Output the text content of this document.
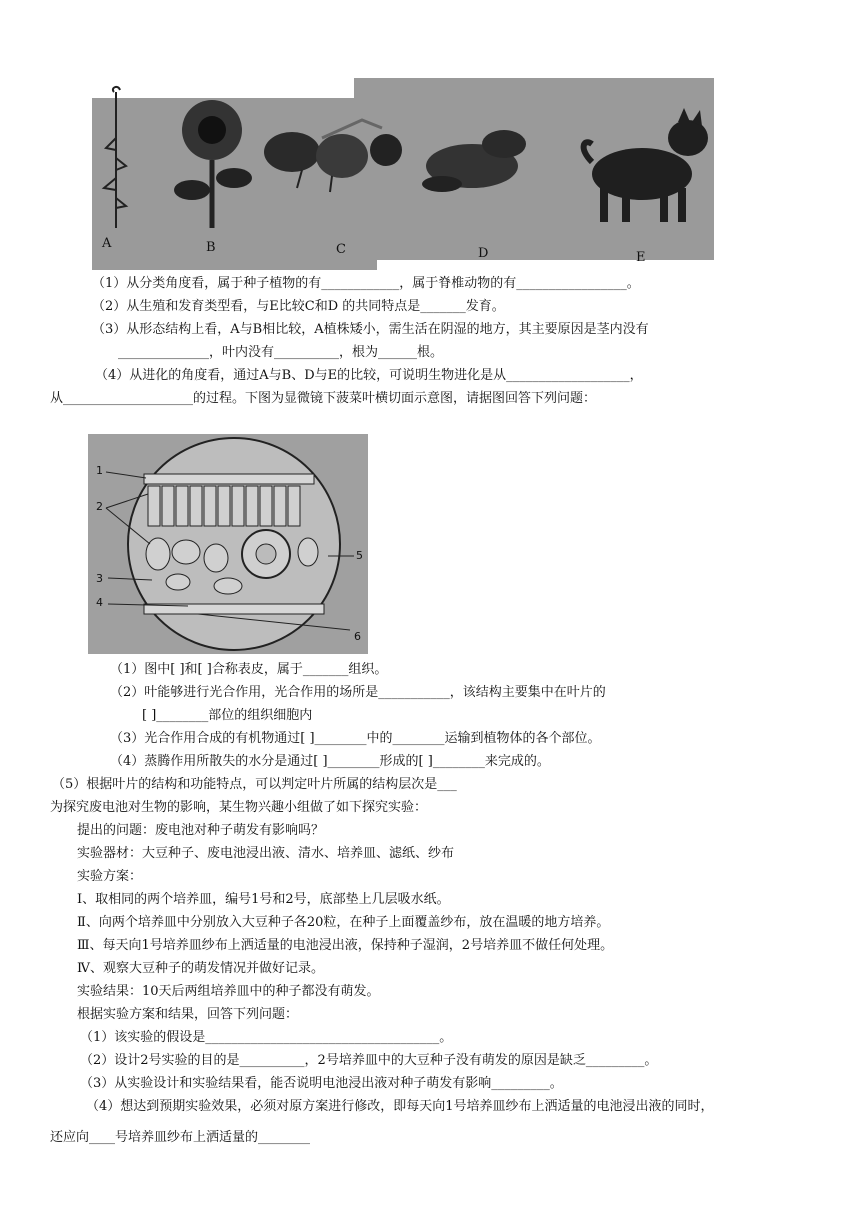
A	B	C	D	E
（1）从分类角度看，属于种子植物的有____________，属于脊椎动物的有_________________。
（2）从生殖和发育类型看，与E比较C和D 的共同特点是_______发育。
（3）从形态结构上看，A与B相比较，A植株矮小，需生活在阴湿的地方，其主要原因是茎内没有
______________，叶内没有__________，根为______根。
（4）从进化的角度看，通过A与B、D与E的比较，可说明生物进化是从___________________，
从____________________的过程。下图为显微镜下菠菜叶横切面示意图，请据图回答下列问题：
1
2
3
4
5
6
（1）图中[ ]和[ ]合称表皮，属于_______组织。
（2）叶能够进行光合作用，光合作用的场所是___________，该结构主要集中在叶片的
[ ]________部位的组织细胞内
（3）光合作用合成的有机物通过[ ]________中的________运输到植物体的各个部位。
（4）蒸腾作用所散失的水分是通过[ ]________形成的[ ]________来完成的。
（5）根据叶片的结构和功能特点，可以判定叶片所属的结构层次是___
为探究废电池对生物的影响，某生物兴趣小组做了如下探究实验：
提出的问题：废电池对种子萌发有影响吗？
实验器材：大豆种子、废电池浸出液、清水、培养皿、滤纸、纱布
实验方案：
Ⅰ、取相同的两个培养皿，编号1号和2号，底部垫上几层吸水纸。
Ⅱ、向两个培养皿中分别放入大豆种子各20粒，在种子上面覆盖纱布，放在温暖的地方培养。
Ⅲ、每天向1号培养皿纱布上洒适量的电池浸出液，保持种子湿润，2号培养皿不做任何处理。
Ⅳ、观察大豆种子的萌发情况并做好记录。
实验结果：10天后两组培养皿中的种子都没有萌发。
根据实验方案和结果，回答下列问题：
（1）该实验的假设是____________________________________。
（2）设计2号实验的目的是__________，2号培养皿中的大豆种子没有萌发的原因是缺乏_________。
（3）从实验设计和实验结果看，能否说明电池浸出液对种子萌发有影响_________。
（4）想达到预期实验效果，必须对原方案进行修改，即每天向1号培养皿纱布上洒适量的电池浸出液的同时，
还应向____号培养皿纱布上洒适量的________
